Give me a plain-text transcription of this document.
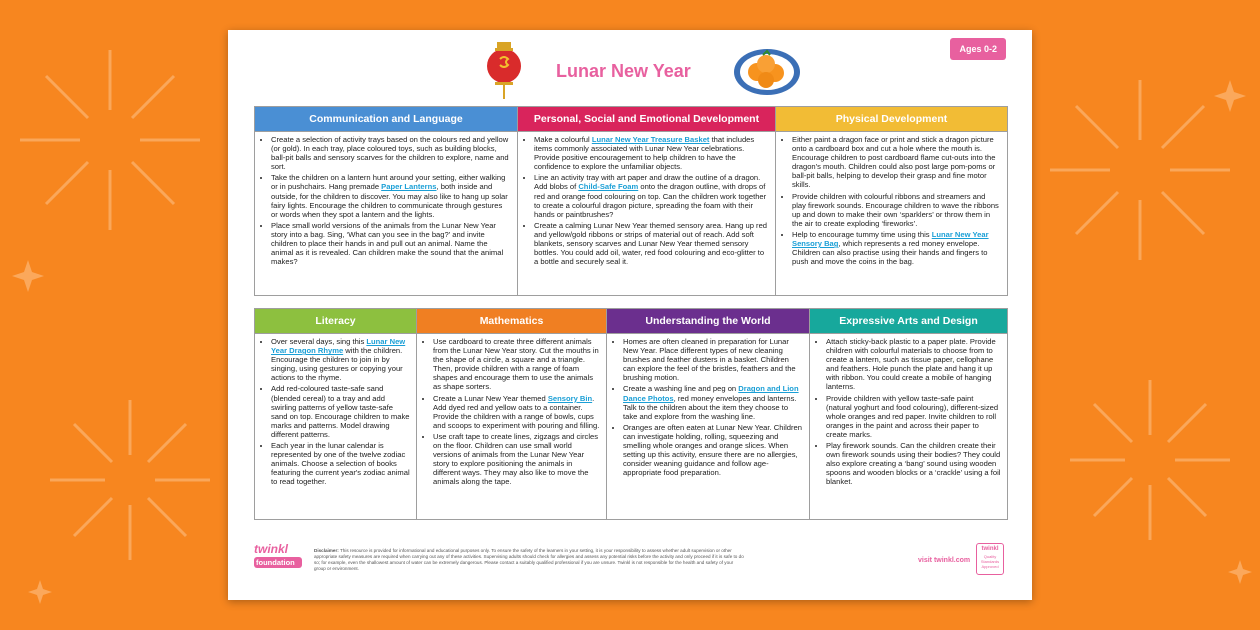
Ages 0-2
Lunar New Year
Communication and Language
• Create a selection of activity trays based on the colours red and yellow (or gold). In each tray, place coloured toys, such as building blocks, ball-pit balls and sensory scarves for the children to explore, name and sort.
• Take the children on a lantern hunt around your setting, either walking or in pushchairs. Hang premade Paper Lanterns, both inside and outside, for the children to discover. You may also like to hang up solar fairy lights. Encourage the children to communicate through gestures or words when they spot a lantern and the lights.
• Place small world versions of the animals from the Lunar New Year story into a bag. Sing, ‘What can you see in the bag?’ and invite children to place their hands in and pull out an animal. Name the animal as it is revealed. Can children make the sound that the animal makes?
Personal, Social and Emotional Development
• Make a colourful Lunar New Year Treasure Basket that includes items commonly associated with Lunar New Year celebrations. Provide positive encouragement to help children to have the confidence to explore the unfamiliar objects.
• Line an activity tray with art paper and draw the outline of a dragon. Add blobs of Child-Safe Foam onto the dragon outline, with drops of red and orange food colouring on top. Can the children work together to create a colourful dragon picture, spreading the foam with their hands or paintbrushes?
• Create a calming Lunar New Year themed sensory area. Hang up red and yellow/gold ribbons or strips of material out of reach. Add soft blankets, sensory scarves and Lunar New Year themed sensory bottles. You could add oil, water, red food colouring and eco-glitter to a bottle and securely seal it.
Physical Development
• Either paint a dragon face or print and stick a dragon picture onto a cardboard box and cut a hole where the mouth is. Encourage children to post cardboard flame cut-outs into the dragon's mouth. Children could also post large pom-poms or ball-pit balls, helping to develop their grasp and fine motor skills.
• Provide children with colourful ribbons and streamers and play firework sounds. Encourage children to wave the ribbons up and down to make their own ‘sparklers’ or throw them in the air to create exploding ‘fireworks’.
• Help to encourage tummy time using this Lunar New Year Sensory Bag, which represents a red money envelope. Children can also practise using their hands and fingers to push and move the coins in the bag.
Literacy
• Over several days, sing this Lunar New Year Dragon Rhyme with the children. Encourage the children to join in by singing, using gestures or copying your actions to the rhyme.
• Add red-coloured taste-safe sand (blended cereal) to a tray and add swirling patterns of yellow taste-safe sand on top. Encourage children to make marks and patterns. Model drawing different patterns.
• Each year in the lunar calendar is represented by one of the twelve zodiac animals. Choose a selection of books featuring the current year's zodiac animal to read together.
Mathematics
• Use cardboard to create three different animals from the Lunar New Year story. Cut the mouths in the shape of a circle, a square and a triangle. Then, provide children with a range of foam shapes and encourage them to use the animals as shape sorters.
• Create a Lunar New Year themed Sensory Bin. Add dyed red and yellow oats to a container. Provide the children with a range of bowls, cups and scoops to experiment with pouring and filling.
• Use craft tape to create lines, zigzags and circles on the floor. Children can use small world versions of animals from the Lunar New Year story to explore positioning the animals in different ways. They may also like to move the animals along the tape.
Understanding the World
• Homes are often cleaned in preparation for Lunar New Year. Place different types of new cleaning brushes and feather dusters in a basket. Children can explore the feel of the bristles, feathers and the brushing motion.
• Create a washing line and peg on Dragon and Lion Dance Photos, red money envelopes and lanterns. Talk to the children about the item they choose to take and explore from the washing line.
• Oranges are often eaten at Lunar New Year. Children can investigate holding, rolling, squeezing and smelling whole oranges and orange slices. When setting up this activity, ensure there are no allergies, consider weaning guidance and follow age-appropriate food preparation.
Expressive Arts and Design
• Attach sticky-back plastic to a paper plate. Provide children with colourful materials to choose from to create a lantern, such as tissue paper, cellophane and feathers. Hole punch the plate and hang it up with ribbon. You could create a mobile of hanging lanterns.
• Provide children with yellow taste-safe paint (natural yoghurt and food colouring), different-sized whole oranges and red paper. Invite children to roll oranges in the paint and across their paper to create marks.
• Play firework sounds. Can the children create their own firework sounds using their bodies? They could also explore creating a ‘bang’ sound using wooden spoons and wooden blocks or a ‘crackle’ using a foil blanket.
twinkl
foundation
Disclaimer: This resource is provided for informational and educational purposes only. To ensure the safety of the learners in your setting, it is your responsibility to assess whether adult supervision or other appropriate safety measures are required when carrying out any of these activities. Supervising adults should check for allergies and assess any potential risks before the activity and only proceed if it is safe to do so; for example, even the shallowest amount of water can be extremely dangerous. Please contact a suitably qualified professional if you are unsure. Twinkl is not responsible for the health and safety of your group or environment.
visit twinkl.com
twinkl
Quality Standards Approved
